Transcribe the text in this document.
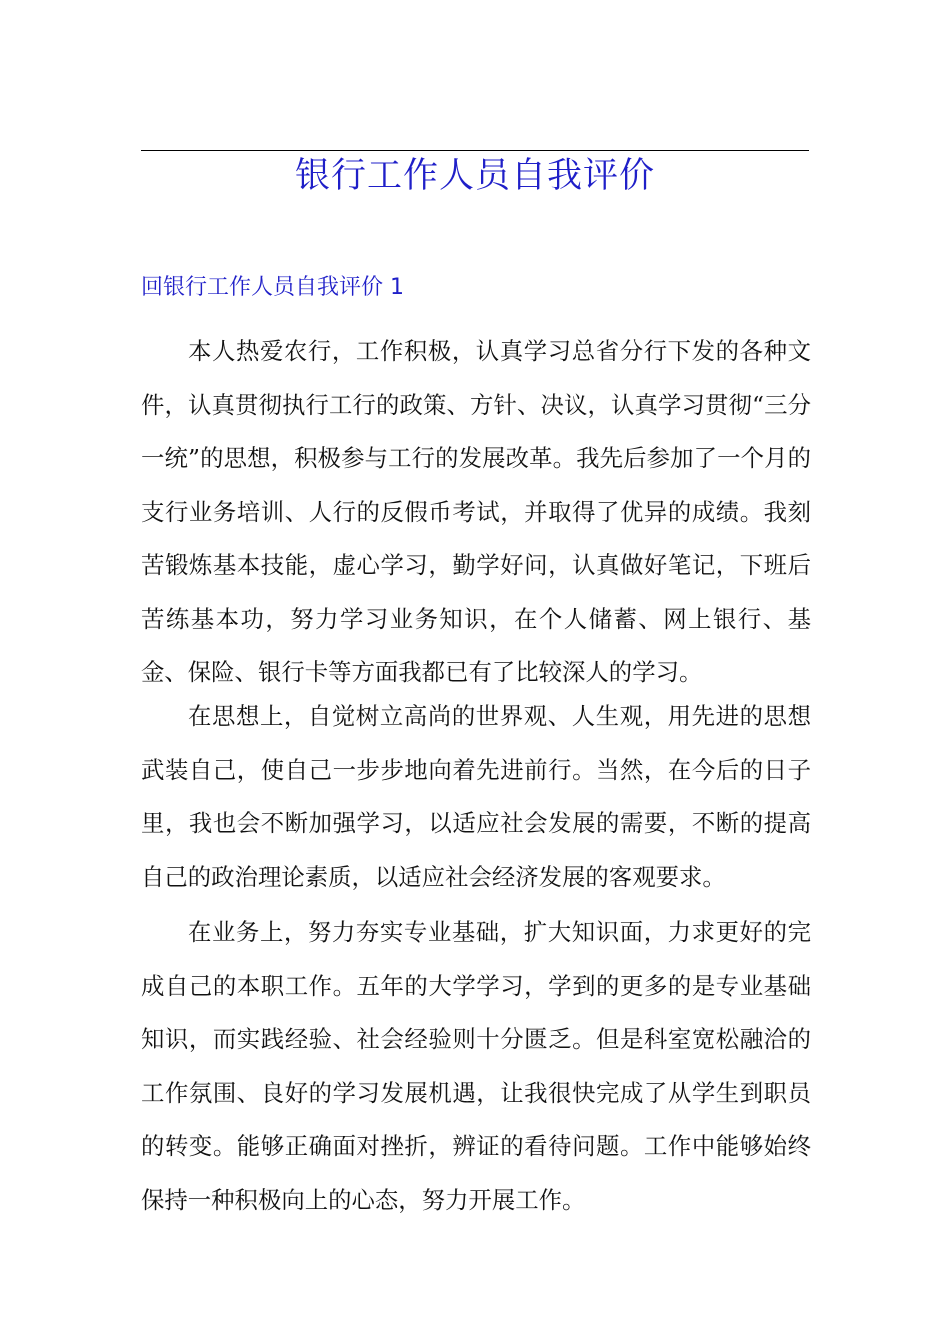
银行工作人员自我评价
回银行工作人员自我评价 1

本人热爱农行，工作积极，认真学习总省分行下发的各种文件，认真贯彻执行工行的政策、方针、决议，认真学习贯彻“三分一统”的思想，积极参与工行的发展改革。我先后参加了一个月的支行业务培训、人行的反假币考试，并取得了优异的成绩。我刻苦锻炼基本技能，虚心学习，勤学好问，认真做好笔记，下班后苦练基本功，努力学习业务知识，在个人储蓄、网上银行、基金、保险、银行卡等方面我都已有了比较深人的学习。

在思想上，自觉树立高尚的世界观、人生观，用先进的思想武装自己，使自己一步步地向着先进前行。当然，在今后的日子里，我也会不断加强学习，以适应社会发展的需要，不断的提高自己的政治理论素质，以适应社会经济发展的客观要求。

在业务上，努力夯实专业基础，扩大知识面，力求更好的完成自己的本职工作。五年的大学学习，学到的更多的是专业基础知识，而实践经验、社会经验则十分匮乏。但是科室宽松融洽的工作氛围、良好的学习发展机遇，让我很快完成了从学生到职员的转变。能够正确面对挫折，辨证的看待问题。工作中能够始终保持一种积极向上的心态，努力开展工作。
